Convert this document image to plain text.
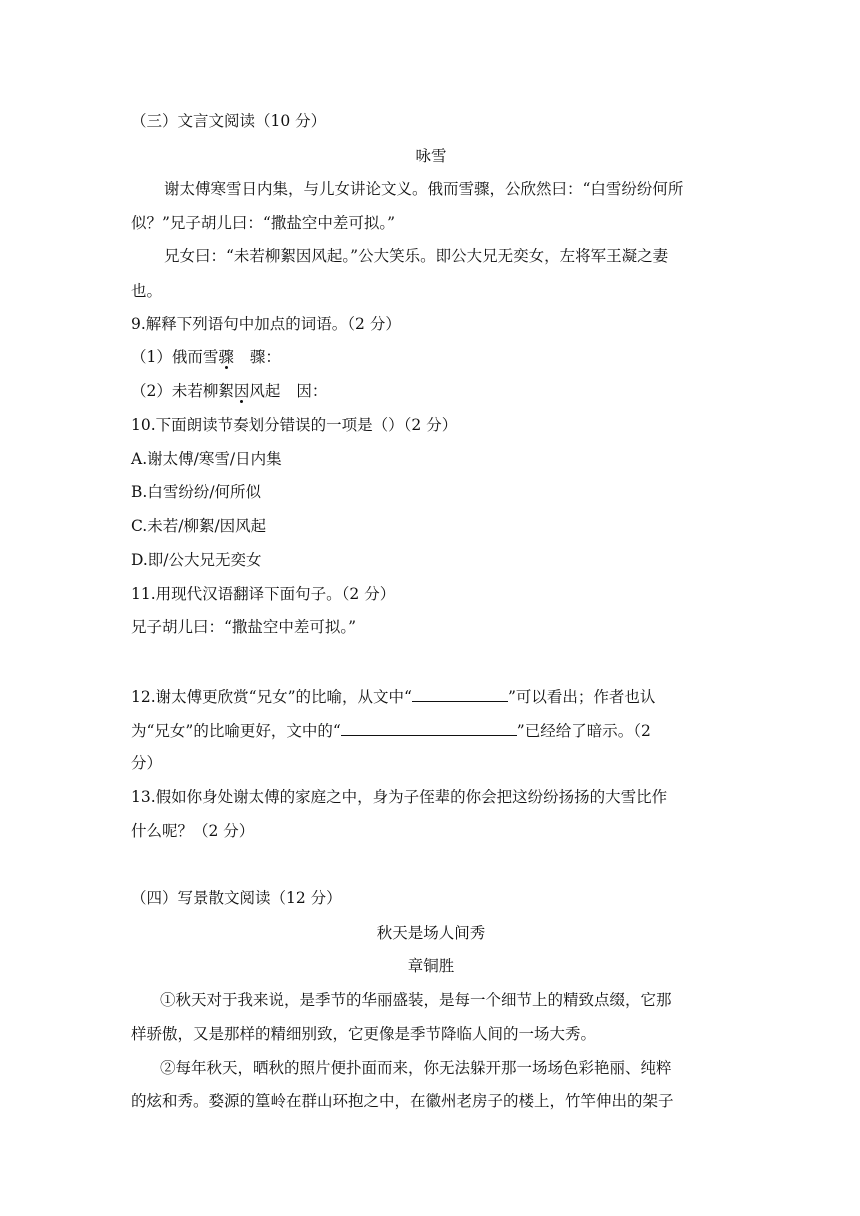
（三）文言文阅读（10 分）
咏雪
谢太傅寒雪日内集，与儿女讲论文义。俄而雪骤，公欣然曰：“白雪纷纷何所
似？”兄子胡儿曰：“撒盐空中差可拟。”
兄女曰：“未若柳絮因风起。”公大笑乐。即公大兄无奕女，左将军王凝之妻
也。
9.解释下列语句中加点的词语。（2 分）
（1）俄而雪骤 骤：
（2）未若柳絮因风起 因：
10.下面朗读节奏划分错误的一项是（）（2 分）
A.谢太傅/寒雪/日内集
B.白雪纷纷/何所似
C.未若/柳絮/因风起
D.即/公大兄无奕女
11.用现代汉语翻译下面句子。（2 分）
兄子胡儿曰：“撒盐空中差可拟。”
12.谢太傅更欣赏“兄女”的比喻，从文中“	”可以看出；作者也认
为“兄女”的比喻更好，文中的“	”已经给了暗示。（2
分）
13.假如你身处谢太傅的家庭之中，身为子侄辈的你会把这纷纷扬扬的大雪比作
什么呢？（2 分）
（四）写景散文阅读（12 分）
秋天是场人间秀
章铜胜
①秋天对于我来说，是季节的华丽盛装，是每一个细节上的精致点缀，它那
样骄傲，又是那样的精细别致，它更像是季节降临人间的一场大秀。
②每年秋天，晒秋的照片便扑面而来，你无法躲开那一场场色彩艳丽、纯粹
的炫和秀。婺源的篁岭在群山环抱之中，在徽州老房子的楼上，竹竿伸出的架子
